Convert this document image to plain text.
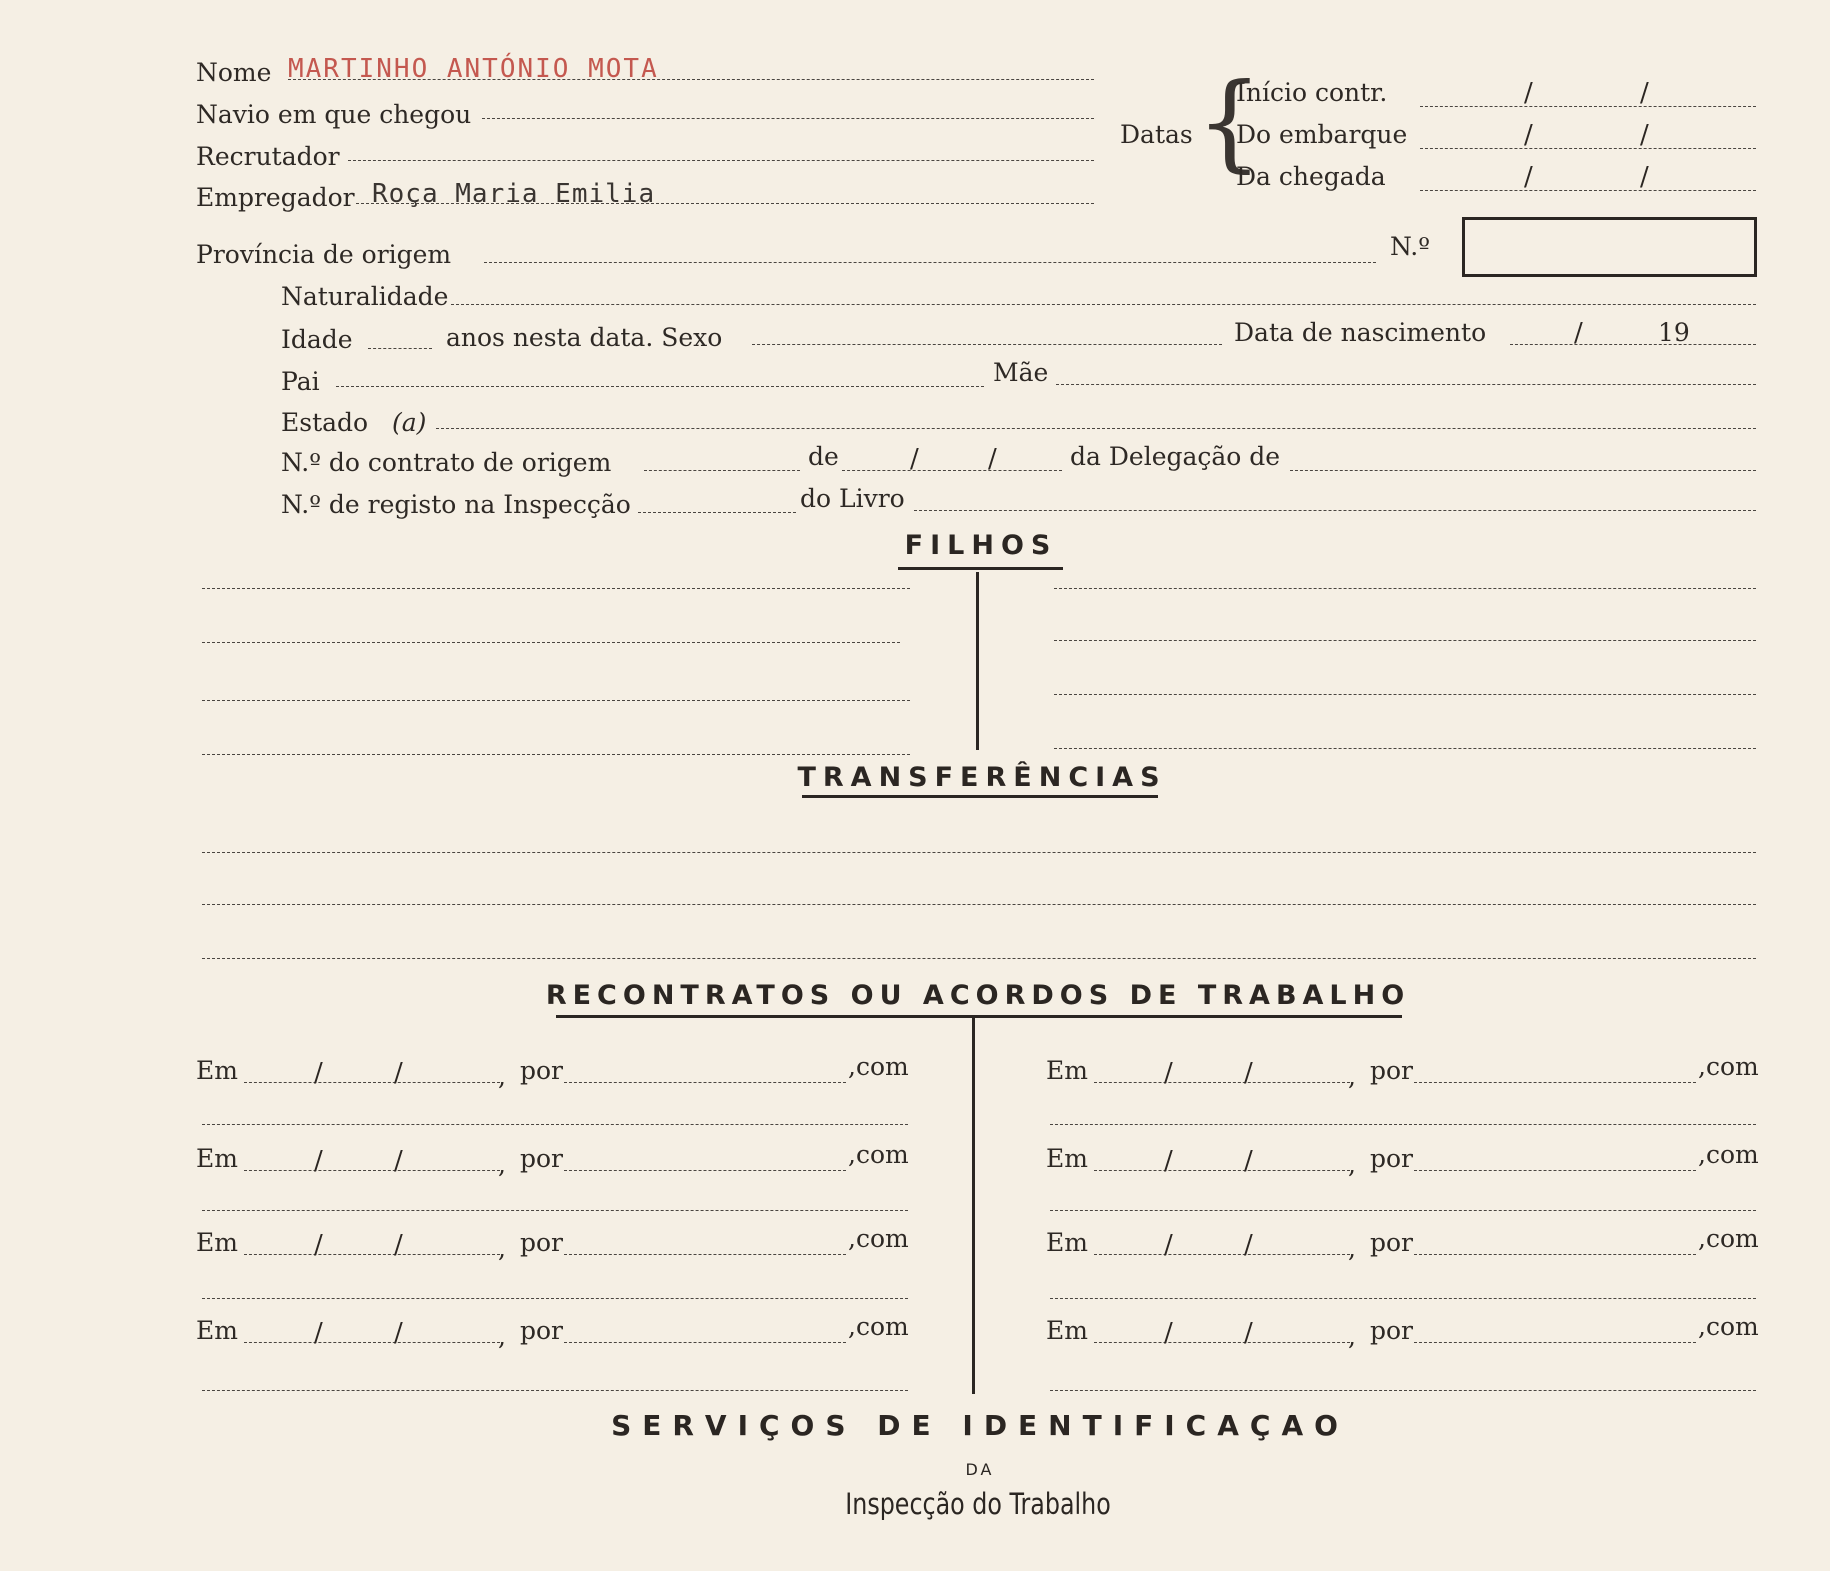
Nome MARTINHO ANTÓNIO MOTA
Navio em que chegou
Recrutador
Empregador Roça Maria Emilia
Datas {
Início contr.	/	/
Do embarque	/	/
Da chegada	/	/
Província de origem	N.º
Naturalidade
Idade	anos nesta data. Sexo	Data de nascimento	/	19
Pai	Mãe
Estado (a)
N.º do contrato de origem	de	/	/	da Delegação de
N.º de registo na Inspecção	do Livro
FILHOS
TRANSFERÊNCIAS
RECONTRATOS OU ACORDOS DE TRABALHO
Em	/	/	, por	,com
Em	/	/	, por	,com
Em	/	/	, por	,com
Em	/	/	, por	,com
Em	/	/	, por	,com
Em	/	/	, por	,com
Em	/	/	, por	,com
Em	/	/	, por	,com
SERVIÇOS DE IDENTIFICAÇAO
DA
Inspecção do Trabalho
